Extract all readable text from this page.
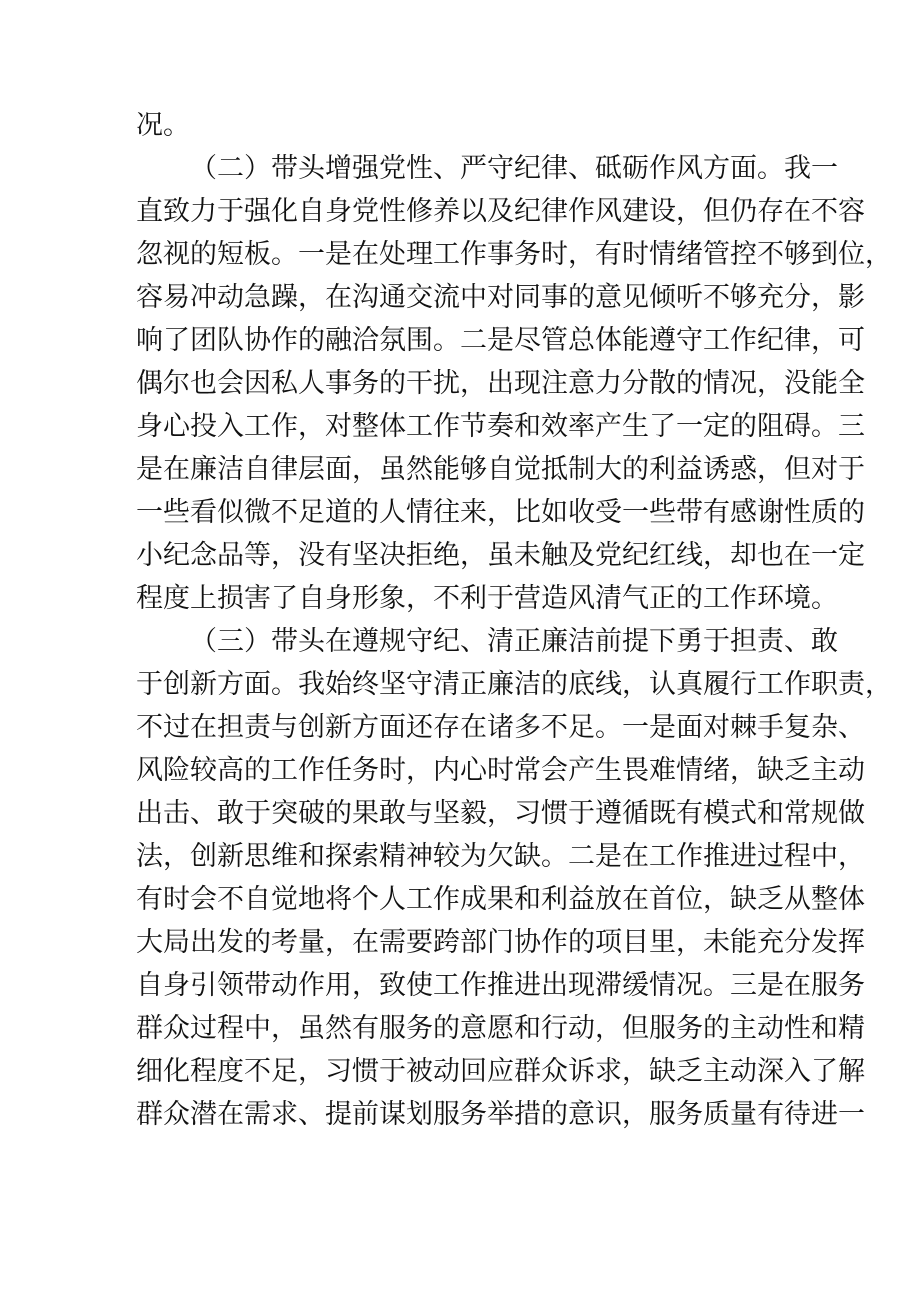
况。
（二）带头增强党性、严守纪律、砥砺作风方面。我一
直致力于强化自身党性修养以及纪律作风建设，但仍存在不容
忽视的短板。一是在处理工作事务时，有时情绪管控不够到位，
容易冲动急躁，在沟通交流中对同事的意见倾听不够充分，影
响了团队协作的融洽氛围。二是尽管总体能遵守工作纪律，可
偶尔也会因私人事务的干扰，出现注意力分散的情况，没能全
身心投入工作，对整体工作节奏和效率产生了一定的阻碍。三
是在廉洁自律层面，虽然能够自觉抵制大的利益诱惑，但对于
一些看似微不足道的人情往来，比如收受一些带有感谢性质的
小纪念品等，没有坚决拒绝，虽未触及党纪红线，却也在一定
程度上损害了自身形象，不利于营造风清气正的工作环境。
（三）带头在遵规守纪、清正廉洁前提下勇于担责、敢
于创新方面。我始终坚守清正廉洁的底线，认真履行工作职责，
不过在担责与创新方面还存在诸多不足。一是面对棘手复杂、
风险较高的工作任务时，内心时常会产生畏难情绪，缺乏主动
出击、敢于突破的果敢与坚毅，习惯于遵循既有模式和常规做
法，创新思维和探索精神较为欠缺。二是在工作推进过程中，
有时会不自觉地将个人工作成果和利益放在首位，缺乏从整体
大局出发的考量，在需要跨部门协作的项目里，未能充分发挥
自身引领带动作用，致使工作推进出现滞缓情况。三是在服务
群众过程中，虽然有服务的意愿和行动，但服务的主动性和精
细化程度不足，习惯于被动回应群众诉求，缺乏主动深入了解
群众潜在需求、提前谋划服务举措的意识，服务质量有待进一
